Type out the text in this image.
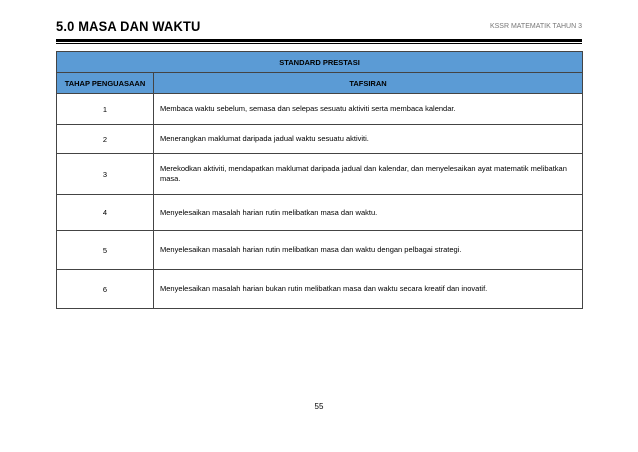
5.0 MASA DAN WAKTU	KSSR MATEMATIK TAHUN 3
STANDARD PRESTASI	
TAHAP PENGUASAAN	TAFSIRAN
1	Membaca waktu sebelum, semasa dan selepas sesuatu aktiviti serta membaca kalendar.
2	Menerangkan maklumat daripada jadual waktu sesuatu aktiviti.
3	Merekodkan aktiviti, mendapatkan maklumat daripada jadual dan kalendar, dan menyelesaikan ayat matematik melibatkan masa.
4	Menyelesaikan masalah harian rutin melibatkan masa dan waktu.
5	Menyelesaikan masalah harian rutin melibatkan masa dan waktu dengan pelbagai strategi.
6	Menyelesaikan masalah harian bukan rutin melibatkan masa dan waktu secara kreatif dan inovatif.
55
